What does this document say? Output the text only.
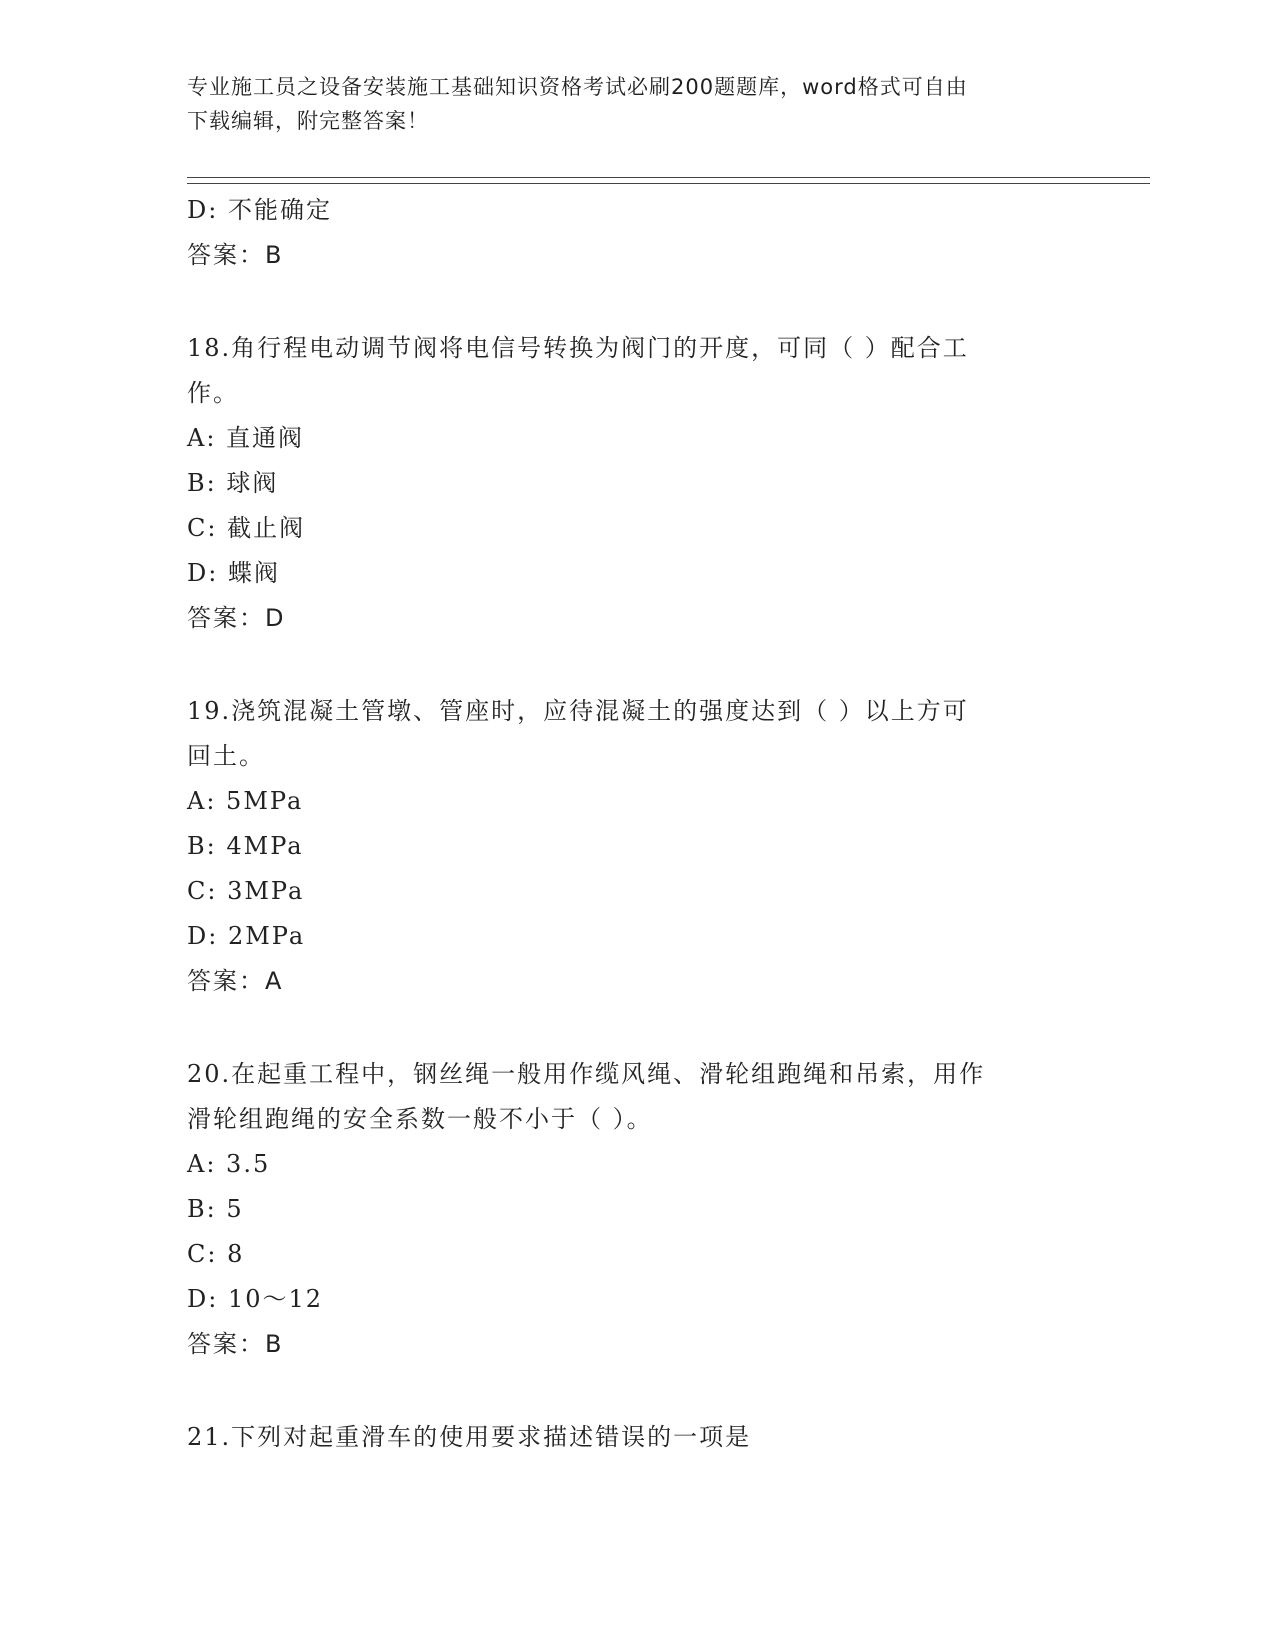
专业施工员之设备安装施工基础知识资格考试必刷200题题库，word格式可自由
下载编辑，附完整答案！
D: 不能确定
答案：B
18.角行程电动调节阀将电信号转换为阀门的开度，可同（ ）配合工
作。
A: 直通阀
B: 球阀
C: 截止阀
D: 蝶阀
答案：D
19.浇筑混凝土管墩、管座时，应待混凝土的强度达到（ ）以上方可
回土。
A: 5MPa
B: 4MPa
C: 3MPa
D: 2MPa
答案：A
20.在起重工程中，钢丝绳一般用作缆风绳、滑轮组跑绳和吊索，用作
滑轮组跑绳的安全系数一般不小于（ ）。
A: 3.5
B: 5
C: 8
D: 10～12
答案：B
21.下列对起重滑车的使用要求描述错误的一项是
